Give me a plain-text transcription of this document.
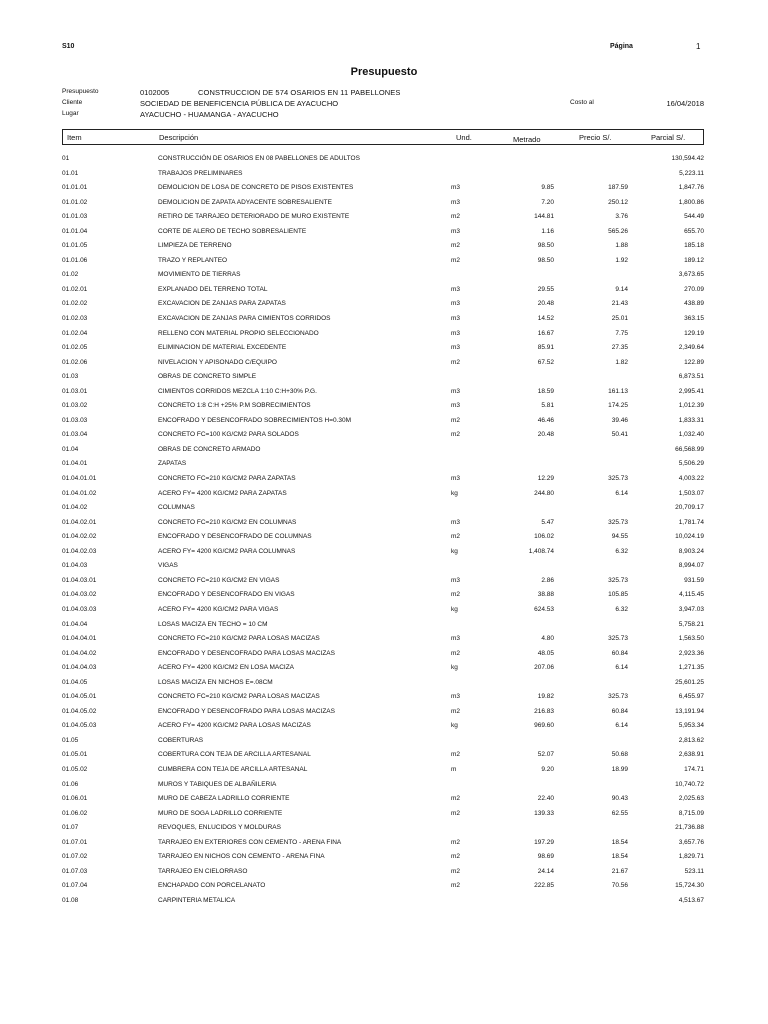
S10	Página	1
Presupuesto
Presupuesto	0102005	CONSTRUCCION DE 574 OSARIOS EN 11 PABELLONES
Cliente	SOCIEDAD DE BENEFICENCIA PÚBLICA DE AYACUCHO	Costo al	16/04/2018
Lugar	AYACUCHO - HUAMANGA - AYACUCHO
Item	Descripción	Und.	Metrado	Precio S/.	Parcial S/.
01	CONSTRUCCIÓN DE OSARIOS EN 08 PABELLONES DE ADULTOS	130,594.42
01.01	TRABAJOS PRELIMINARES	5,223.11
01.01.01	DEMOLICION DE LOSA DE CONCRETO DE PISOS EXISTENTES	m3	9.85	187.59	1,847.76
01.01.02	DEMOLICION DE ZAPATA ADYACENTE SOBRESALIENTE	m3	7.20	250.12	1,800.86
01.01.03	RETIRO DE TARRAJEO DETERIORADO DE MURO EXISTENTE	m2	144.81	3.76	544.49
01.01.04	CORTE DE ALERO DE TECHO SOBRESALIENTE	m3	1.16	565.26	655.70
01.01.05	LIMPIEZA DE TERRENO	m2	98.50	1.88	185.18
01.01.06	TRAZO Y REPLANTEO	m2	98.50	1.92	189.12
01.02	MOVIMIENTO DE TIERRAS	3,673.65
01.02.01	EXPLANADO DEL TERRENO TOTAL	m3	29.55	9.14	270.09
01.02.02	EXCAVACION DE ZANJAS PARA ZAPATAS	m3	20.48	21.43	438.89
01.02.03	EXCAVACION DE ZANJAS PARA CIMIENTOS CORRIDOS	m3	14.52	25.01	363.15
01.02.04	RELLENO CON MATERIAL PROPIO SELECCIONADO	m3	16.67	7.75	129.19
01.02.05	ELIMINACION DE MATERIAL EXCEDENTE	m3	85.91	27.35	2,349.64
01.02.06	NIVELACION Y APISONADO C/EQUIPO	m2	67.52	1.82	122.89
01.03	OBRAS DE CONCRETO SIMPLE	6,873.51
01.03.01	CIMIENTOS CORRIDOS MEZCLA 1:10 C:H+30% P.G.	m3	18.59	161.13	2,995.41
01.03.02	CONCRETO 1:8 C:H +25% P.M SOBRECIMIENTOS	m3	5.81	174.25	1,012.39
01.03.03	ENCOFRADO Y DESENCOFRADO SOBRECIMIENTOS H=0.30M	m2	46.46	39.46	1,833.31
01.03.04	CONCRETO FC=100 KG/CM2 PARA SOLADOS	m2	20.48	50.41	1,032.40
01.04	OBRAS DE CONCRETO ARMADO	66,568.99
01.04.01	ZAPATAS	5,506.29
01.04.01.01	CONCRETO FC=210 KG/CM2 PARA ZAPATAS	m3	12.29	325.73	4,003.22
01.04.01.02	ACERO FY= 4200 KG/CM2 PARA ZAPATAS	kg	244.80	6.14	1,503.07
01.04.02	COLUMNAS	20,709.17
01.04.02.01	CONCRETO FC=210 KG/CM2 EN COLUMNAS	m3	5.47	325.73	1,781.74
01.04.02.02	ENCOFRADO Y DESENCOFRADO DE COLUMNAS	m2	106.02	94.55	10,024.19
01.04.02.03	ACERO FY= 4200 KG/CM2 PARA COLUMNAS	kg	1,408.74	6.32	8,903.24
01.04.03	VIGAS	8,994.07
01.04.03.01	CONCRETO FC=210 KG/CM2 EN VIGAS	m3	2.86	325.73	931.59
01.04.03.02	ENCOFRADO Y DESENCOFRADO EN VIGAS	m2	38.88	105.85	4,115.45
01.04.03.03	ACERO FY= 4200 KG/CM2 PARA VIGAS	kg	624.53	6.32	3,947.03
01.04.04	LOSAS MACIZA EN TECHO = 10 CM	5,758.21
01.04.04.01	CONCRETO FC=210 KG/CM2 PARA LOSAS MACIZAS	m3	4.80	325.73	1,563.50
01.04.04.02	ENCOFRADO Y DESENCOFRADO PARA LOSAS MACIZAS	m2	48.05	60.84	2,923.36
01.04.04.03	ACERO FY= 4200 KG/CM2 EN LOSA MACIZA	kg	207.06	6.14	1,271.35
01.04.05	LOSAS MACIZA EN NICHOS E=.08CM	25,601.25
01.04.05.01	CONCRETO FC=210 KG/CM2 PARA LOSAS MACIZAS	m3	19.82	325.73	6,455.97
01.04.05.02	ENCOFRADO Y DESENCOFRADO PARA LOSAS MACIZAS	m2	216.83	60.84	13,191.94
01.04.05.03	ACERO FY= 4200 KG/CM2 PARA LOSAS MACIZAS	kg	969.60	6.14	5,953.34
01.05	COBERTURAS	2,813.62
01.05.01	COBERTURA CON TEJA DE ARCILLA ARTESANAL	m2	52.07	50.68	2,638.91
01.05.02	CUMBRERA CON TEJA DE ARCILLA ARTESANAL	m	9.20	18.99	174.71
01.06	MUROS Y TABIQUES DE ALBAÑILERIA	10,740.72
01.06.01	MURO DE CABEZA LADRILLO CORRIENTE	m2	22.40	90.43	2,025.63
01.06.02	MURO DE SOGA LADRILLO CORRIENTE	m2	139.33	62.55	8,715.09
01.07	REVOQUES, ENLUCIDOS Y MOLDURAS	21,736.88
01.07.01	TARRAJEO EN EXTERIORES CON CEMENTO - ARENA FINA	m2	197.29	18.54	3,657.76
01.07.02	TARRAJEO EN NICHOS CON CEMENTO - ARENA FINA	m2	98.69	18.54	1,829.71
01.07.03	TARRAJEO EN CIELORRASO	m2	24.14	21.67	523.11
01.07.04	ENCHAPADO CON PORCELANATO	m2	222.85	70.56	15,724.30
01.08	CARPINTERIA METALICA	4,513.67
